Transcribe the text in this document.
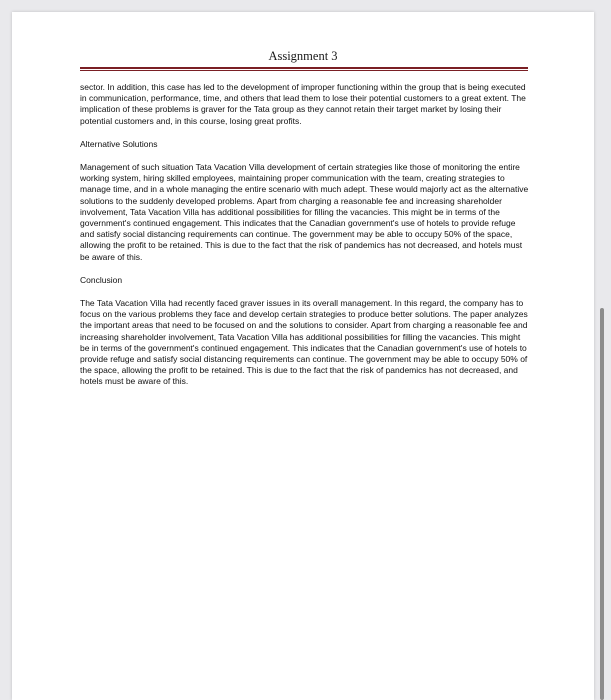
Assignment 3

sector. In addition, this case has led to the development of improper functioning within the group that is being executed in communication, performance, time, and others that lead them to lose their potential customers to a great extent. The implication of these problems is graver for the Tata group as they cannot retain their target market by losing their potential customers and, in this course, losing great profits.

Alternative Solutions

Management of such situation Tata Vacation Villa development of certain strategies like those of monitoring the entire working system, hiring skilled employees, maintaining proper communication with the team, creating strategies to manage time, and in a whole managing the entire scenario with much adept. These would majorly act as the alternative solutions to the suddenly developed problems. Apart from charging a reasonable fee and increasing shareholder involvement, Tata Vacation Villa has additional possibilities for filling the vacancies. This might be in terms of the government's continued engagement. This indicates that the Canadian government's use of hotels to provide refuge and satisfy social distancing requirements can continue. The government may be able to occupy 50% of the space, allowing the profit to be retained. This is due to the fact that the risk of pandemics has not decreased, and hotels must be aware of this.

Conclusion

The Tata Vacation Villa had recently faced graver issues in its overall management. In this regard, the company has to focus on the various problems they face and develop certain strategies to produce better solutions. The paper analyzes the important areas that need to be focused on and the solutions to consider. Apart from charging a reasonable fee and increasing shareholder involvement, Tata Vacation Villa has additional possibilities for filling the vacancies. This might be in terms of the government's continued engagement. This indicates that the Canadian government's use of hotels to provide refuge and satisfy social distancing requirements can continue. The government may be able to occupy 50% of the space, allowing the profit to be retained. This is due to the fact that the risk of pandemics has not decreased, and hotels must be aware of this.
